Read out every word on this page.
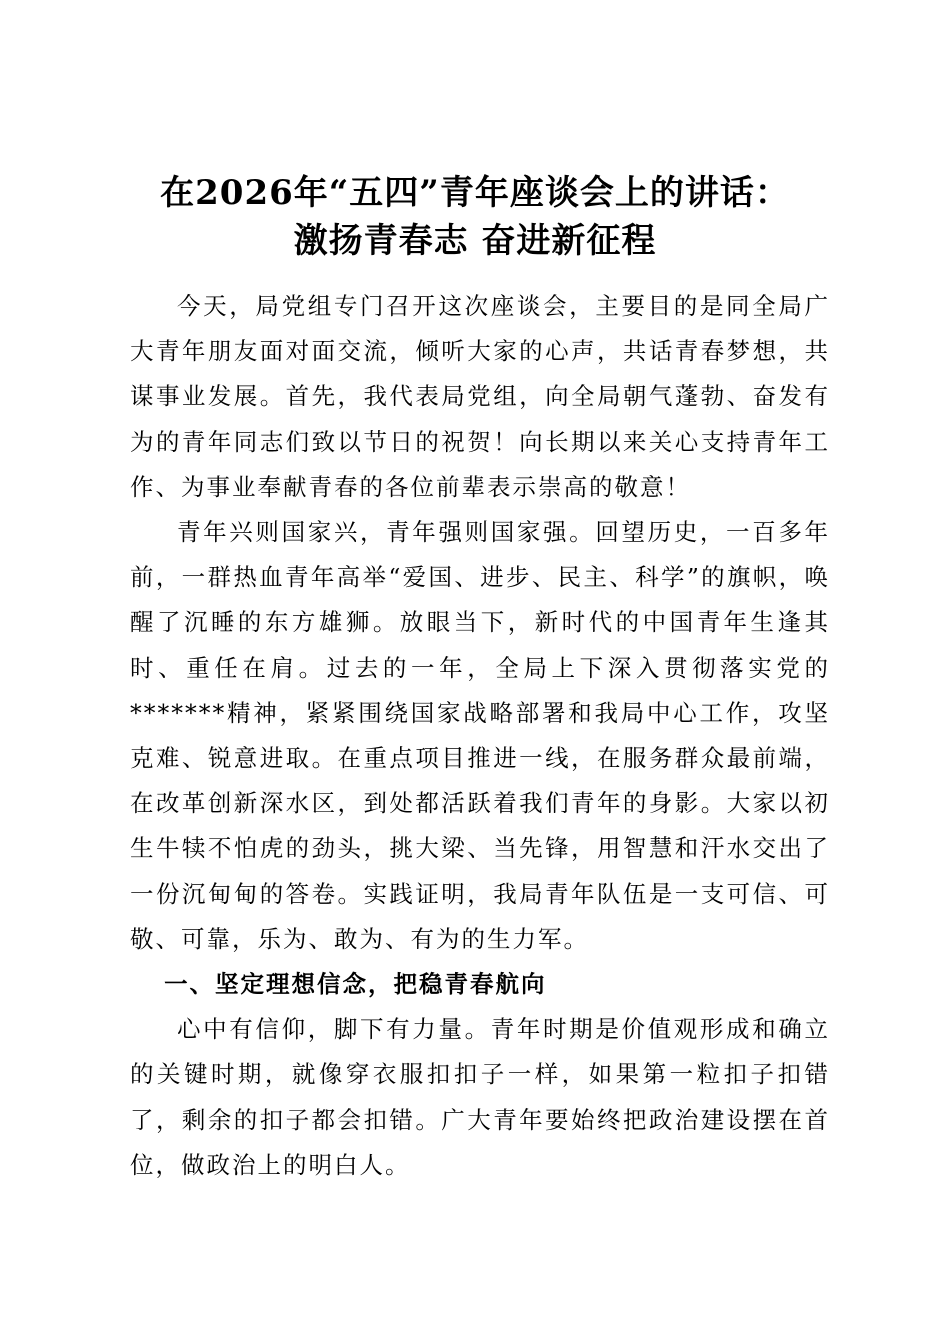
在2026年“五四”青年座谈会上的讲话：
激扬青春志 奋进新征程

今天，局党组专门召开这次座谈会，主要目的是同全局广大青年朋友面对面交流，倾听大家的心声，共话青春梦想，共谋事业发展。首先，我代表局党组，向全局朝气蓬勃、奋发有为的青年同志们致以节日的祝贺！向长期以来关心支持青年工作、为事业奉献青春的各位前辈表示崇高的敬意！

青年兴则国家兴，青年强则国家强。回望历史，一百多年前，一群热血青年高举“爱国、进步、民主、科学”的旗帜，唤醒了沉睡的东方雄狮。放眼当下，新时代的中国青年生逢其时、重任在肩。过去的一年，全局上下深入贯彻落实党的*******精神，紧紧围绕国家战略部署和我局中心工作，攻坚克难、锐意进取。在重点项目推进一线，在服务群众最前端，在改革创新深水区，到处都活跃着我们青年的身影。大家以初生牛犊不怕虎的劲头，挑大梁、当先锋，用智慧和汗水交出了一份沉甸甸的答卷。实践证明，我局青年队伍是一支可信、可敬、可靠，乐为、敢为、有为的生力军。

一、坚定理想信念，把稳青春航向

心中有信仰，脚下有力量。青年时期是价值观形成和确立的关键时期，就像穿衣服扣扣子一样，如果第一粒扣子扣错了，剩余的扣子都会扣错。广大青年要始终把政治建设摆在首位，做政治上的明白人。
